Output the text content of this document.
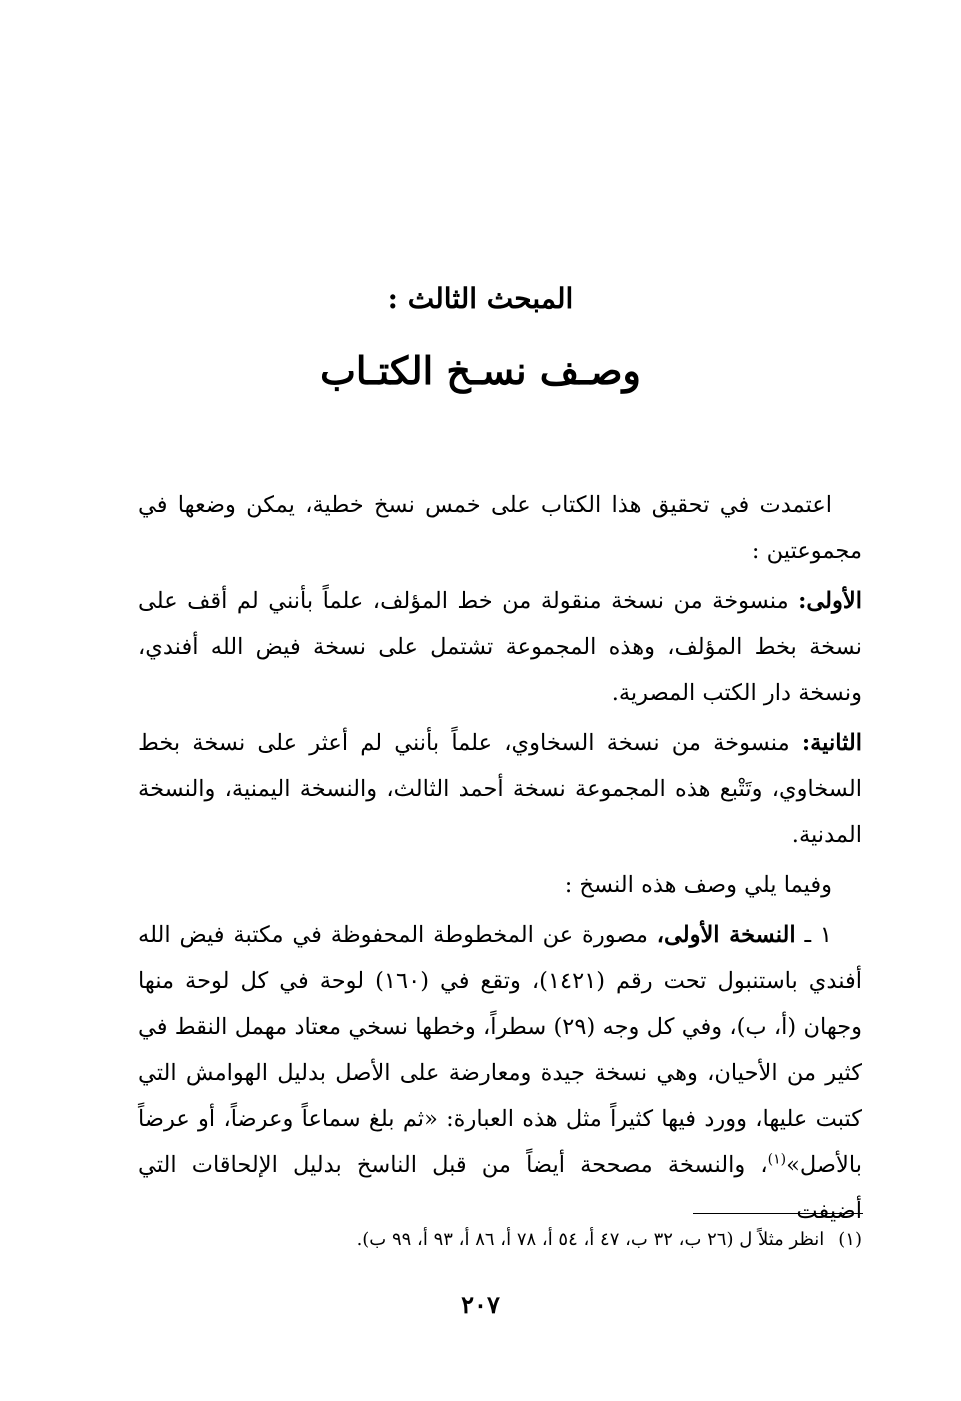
المبحث الثالث :
وصـف نسـخ الكتـاب

اعتمدت في تحقيق هذا الكتاب على خمس نسخ خطية، يمكن وضعها في مجموعتين :

الأولى: منسوخة من نسخة منقولة من خط المؤلف، علماً بأنني لم أقف على نسخة بخط المؤلف، وهذه المجموعة تشتمل على نسخة فيض الله أفندي، ونسخة دار الكتب المصرية.

الثانية: منسوخة من نسخة السخاوي، علماً بأنني لم أعثر على نسخة بخط السخاوي، وتَتْبع هذه المجموعة نسخة أحمد الثالث، والنسخة اليمنية، والنسخة المدنية.

وفيما يلي وصف هذه النسخ :

١ ـ النسخة الأولى، مصورة عن المخطوطة المحفوظة في مكتبة فيض الله أفندي باستنبول تحت رقم (١٤٢١)، وتقع في (١٦٠) لوحة في كل لوحة منها وجهان (أ، ب)، وفي كل وجه (٢٩) سطراً، وخطها نسخي معتاد مهمل النقط في كثير من الأحيان، وهي نسخة جيدة ومعارضة على الأصل بدليل الهوامش التي كتبت عليها، وورد فيها كثيراً مثل هذه العبارة: «ثم بلغ سماعاً وعرضاً، أو عرضاً بالأصل»$^{(١)}$، والنسخة مصححة أيضاً من قبل الناسخ بدليل الإلحاقات التي أضيفت

(١)انظر مثلاً ل (٢٦ ب، ٣٢ ب، ٤٧ أ، ٥٤ أ، ٧٨ أ، ٨٦ أ، ٩٣ أ، ٩٩ ب).
٢٠٧
